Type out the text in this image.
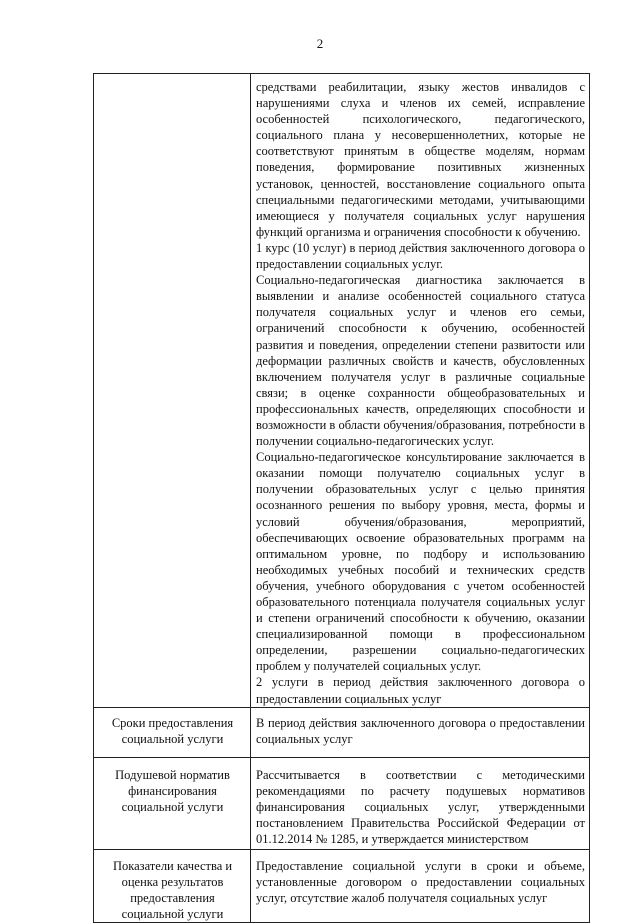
2

	средствами реабилитации, языку жестов инвалидов с нарушениями слуха и членов их семей, исправление особенностей психологического, педагогического, социального плана у несовершеннолетних, которые не соответствуют принятым в обществе моделям, нормам поведения, формирование позитивных жизненных установок, ценностей, восстановление социального опыта специальными педагогическими методами, учитывающими имеющиеся у получателя социальных услуг нарушения функций организма и ограничения способности к обучению.

1 курс (10 услуг) в период действия заключенного договора о предоставлении социальных услуг.

Социально-педагогическая диагностика заключается в выявлении и анализе особенностей социального статуса получателя социальных услуг и членов его семьи, ограничений способности к обучению, особенностей развития и поведения, определении степени развитости или деформации различных свойств и качеств, обусловленных включением получателя услуг в различные социальные связи; в оценке сохранности общеобразовательных и профессиональных качеств, определяющих способности и возможности в области обучения/образования, потребности в получении социально-педагогических услуг.

Социально-педагогическое консультирование заключается в оказании помощи получателю социальных услуг в получении образовательных услуг с целью принятия осознанного решения по выбору уровня, места, формы и условий обучения/образования, мероприятий, обеспечивающих освоение образовательных программ на оптимальном уровне, по подбору и использованию необходимых учебных пособий и технических средств обучения, учебного оборудования с учетом особенностей образовательного потенциала получателя социальных услуг и степени ограничений способности к обучению, оказании специализированной помощи в профессиональном определении, разрешении социально-педагогических проблем у получателей социальных услуг.

2 услуги в период действия заключенного договора о предоставлении социальных услуг

Сроки предоставления социальной услуги	В период действия заключенного договора о предоставлении социальных услуг

Подушевой норматив финансирования социальной услуги	Рассчитывается в соответствии с методическими рекомендациями по расчету подушевых нормативов финансирования социальных услуг, утвержденными постановлением Правительства Российской Федерации от 01.12.2014 № 1285, и утверждается министерством

Показатели качества и оценка результатов предоставления социальной услуги	Предоставление социальной услуги в сроки и объеме, установленные договором о предоставлении социальных услуг, отсутствие жалоб получателя социальных услуг
